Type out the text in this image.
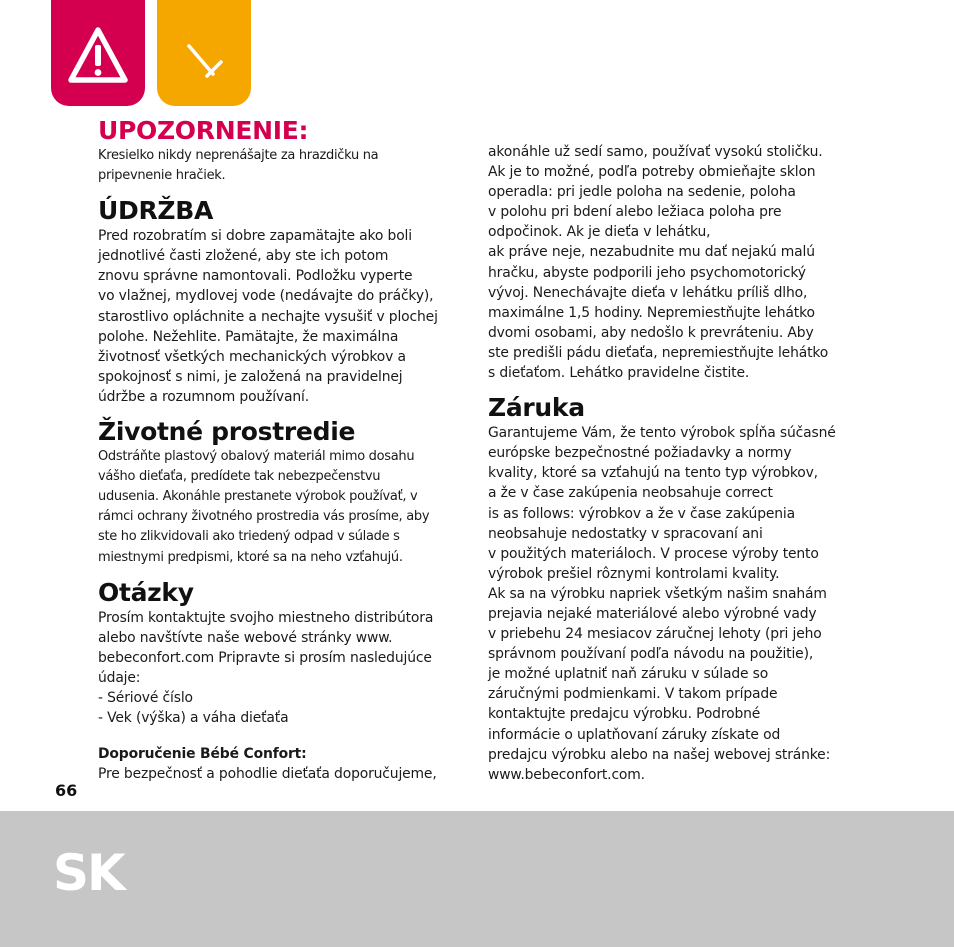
UPOZORNENIE:

Kresielko nikdy neprenášajte za hrazdičku na
pripevnenie hračiek.

ÚDRŽBA

Pred rozobratím si dobre zapamätajte ako boli
jednotlivé časti zložené, aby ste ich potom
znovu správne namontovali. Podložku vyperte
vo vlažnej, mydlovej vode (nedávajte do práčky),
starostlivo opláchnite a nechajte vysušiť v plochej
polohe. Nežehlite. Pamätajte, že maximálna
životnosť všetkých mechanických výrobkov a
spokojnosť s nimi, je založená na pravidelnej
údržbe a rozumnom používaní.

Životné prostredie

Odstráňte plastový obalový materiál mimo dosahu
vášho dieťaťa, predídete tak nebezpečenstvu
udusenia. Akonáhle prestanete výrobok používať, v
rámci ochrany životného prostredia vás prosíme, aby
ste ho zlikvidovali ako triedený odpad v súlade s
miestnymi predpismi, ktoré sa na neho vzťahujú.

Otázky

Prosím kontaktujte svojho miestneho distribútora
alebo navštívte naše webové stránky www.
bebeconfort.com Pripravte si prosím nasledujúce
údaje:
- Sériové číslo
- Vek (výška) a váha dieťaťa

Doporučenie Bébé Confort:

Pre bezpečnosť a pohodlie dieťaťa doporučujeme,

akonáhle už sedí samo, používať vysokú stoličku.
Ak je to možné, podľa potreby obmieňajte sklon
operadla: pri jedle poloha na sedenie, poloha
v polohu pri bdení alebo ležiaca poloha pre
odpočinok. Ak je dieťa v lehátku,
ak práve neje, nezabudnite mu dať nejakú malú
hračku, abyste podporili jeho psychomotorický
vývoj. Nenechávajte dieťa v lehátku príliš dlho,
maximálne 1,5 hodiny. Nepremiestňujte lehátko
dvomi osobami, aby nedošlo k prevráteniu. Aby
ste predišli pádu dieťaťa, nepremiestňujte lehátko
s dieťaťom. Lehátko pravidelne čistite.

Záruka

Garantujeme Vám, že tento výrobok spĺňa súčasné
európske bezpečnostné požiadavky a normy
kvality, ktoré sa vzťahujú na tento typ výrobkov,
a že v čase zakúpenia neobsahuje correct
is as follows: výrobkov a že v čase zakúpenia
neobsahuje nedostatky v spracovaní ani
v použitých materiáloch. V procese výroby tento
výrobok prešiel rôznymi kontrolami kvality.
Ak sa na výrobku napriek všetkým našim snahám
prejavia nejaké materiálové alebo výrobné vady
v priebehu 24 mesiacov záručnej lehoty (pri jeho
správnom používaní podľa návodu na použitie),
je možné uplatniť naň záruku v súlade so
záručnými podmienkami. V takom prípade
kontaktujte predajcu výrobku. Podrobné
informácie o uplatňovaní záruky získate od
predajcu výrobku alebo na našej webovej stránke:
www.bebeconfort.com.

66
SK
